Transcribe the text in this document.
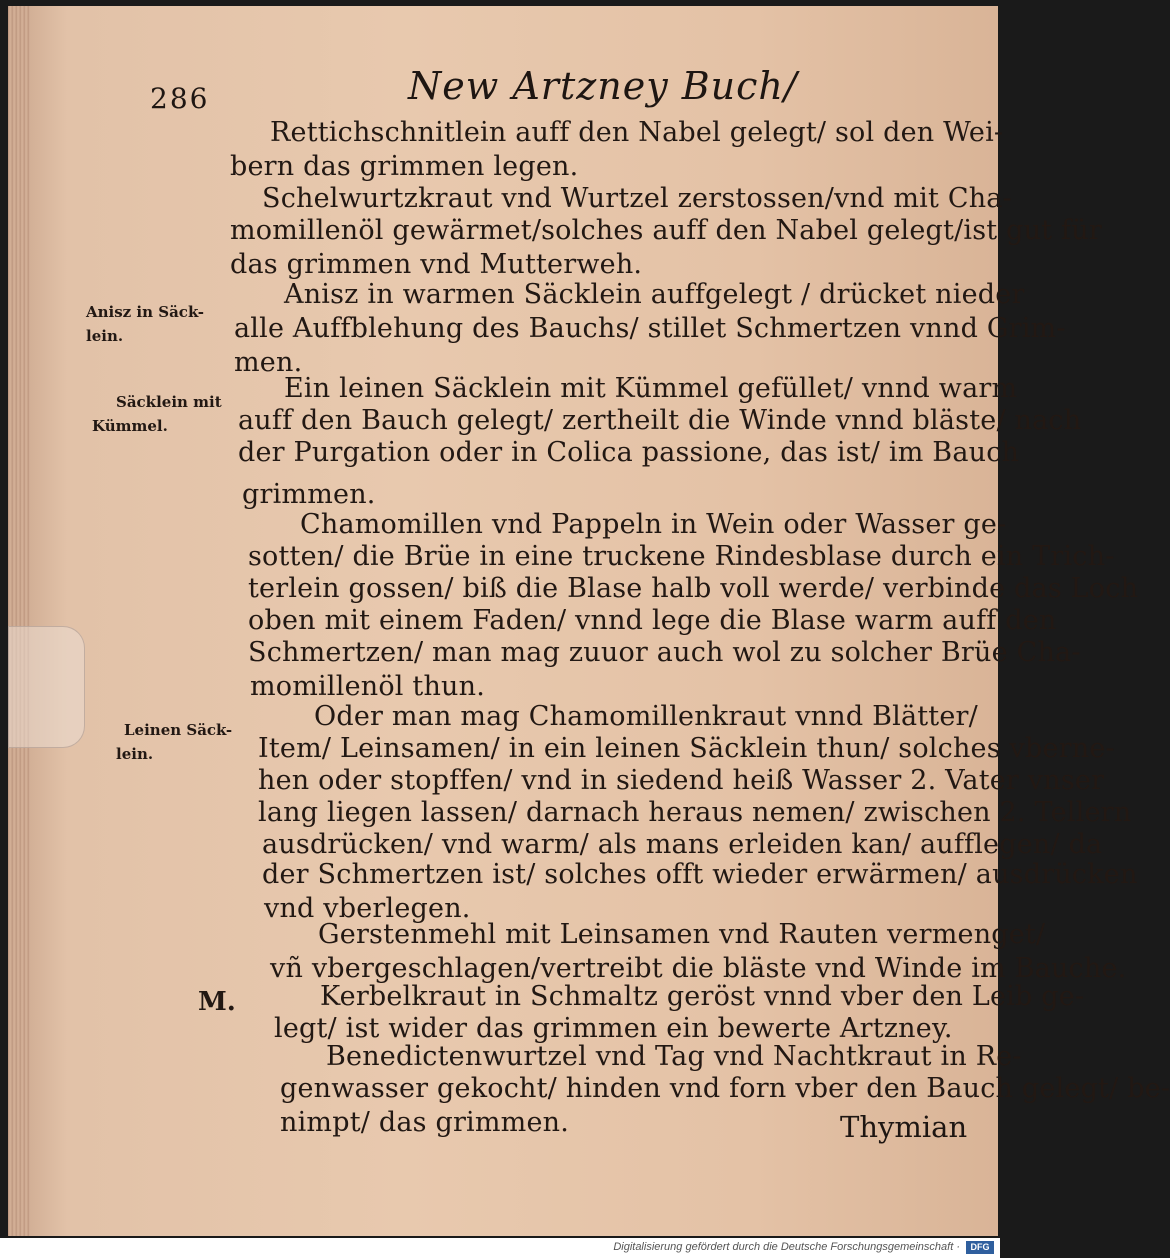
286	New Artzney Buch/
Rettichschnitlein auff den Nabel gelegt/ sol den Wei-
bern das grimmen legen.
Schelwurtzkraut vnd Wurtzel zerstossen/vnd mit Cha-
momillenöl gewärmet/solches auff den Nabel gelegt/ist gut für
das grimmen vnd Mutterweh.
Anisz in warmen Säcklein auffgelegt / drücket nieder
alle Auffblehung des Bauchs/ stillet Schmertzen vnnd Grim-
men.
Ein leinen Säcklein mit Kümmel gefüllet/ vnnd warm
auff den Bauch gelegt/ zertheilt die Winde vnnd bläste/ nach
der Purgation oder in Colica passione, das ist/ im Bauch
grimmen.
Chamomillen vnd Pappeln in Wein oder Wasser ge-
sotten/ die Brüe in eine truckene Rindesblase durch ein Trich-
terlein gossen/ biß die Blase halb voll werde/ verbinde das Loch
oben mit einem Faden/ vnnd lege die Blase warm auff den
Schmertzen/ man mag zuuor auch wol zu solcher Brüe Cha-
momillenöl thun.
Oder man mag Chamomillenkraut vnnd Blätter/
Item/ Leinsamen/ in ein leinen Säcklein thun/ solches vberne-
hen oder stopffen/ vnd in siedend heiß Wasser 2. Vater vnser
lang liegen lassen/ darnach heraus nemen/ zwischen 2. Tellern
ausdrücken/ vnd warm/ als mans erleiden kan/ aufflegen/ da
der Schmertzen ist/ solches offt wieder erwärmen/ ausdrücken
vnd vberlegen.
Gerstenmehl mit Leinsamen vnd Rauten vermenget/
vñ vbergeschlagen/vertreibt die bläste vnd Winde im Bauche.
Kerbelkraut in Schmaltz geröst vnnd vber den Leib ge-
legt/ ist wider das grimmen ein bewerte Artzney.
Benedictenwurtzel vnd Tag vnd Nachtkraut in Re-
genwasser gekocht/ hinden vnd forn vber den Bauch gelegt/ be-
nimpt/ das grimmen.
Anisz in Säck-
lein.
Säcklein mit
Kümmel.
Leinen Säck-
lein.
M.
Thymian
Digitalisierung gefördert durch die Deutsche Forschungsgemeinschaft ·	DFG
